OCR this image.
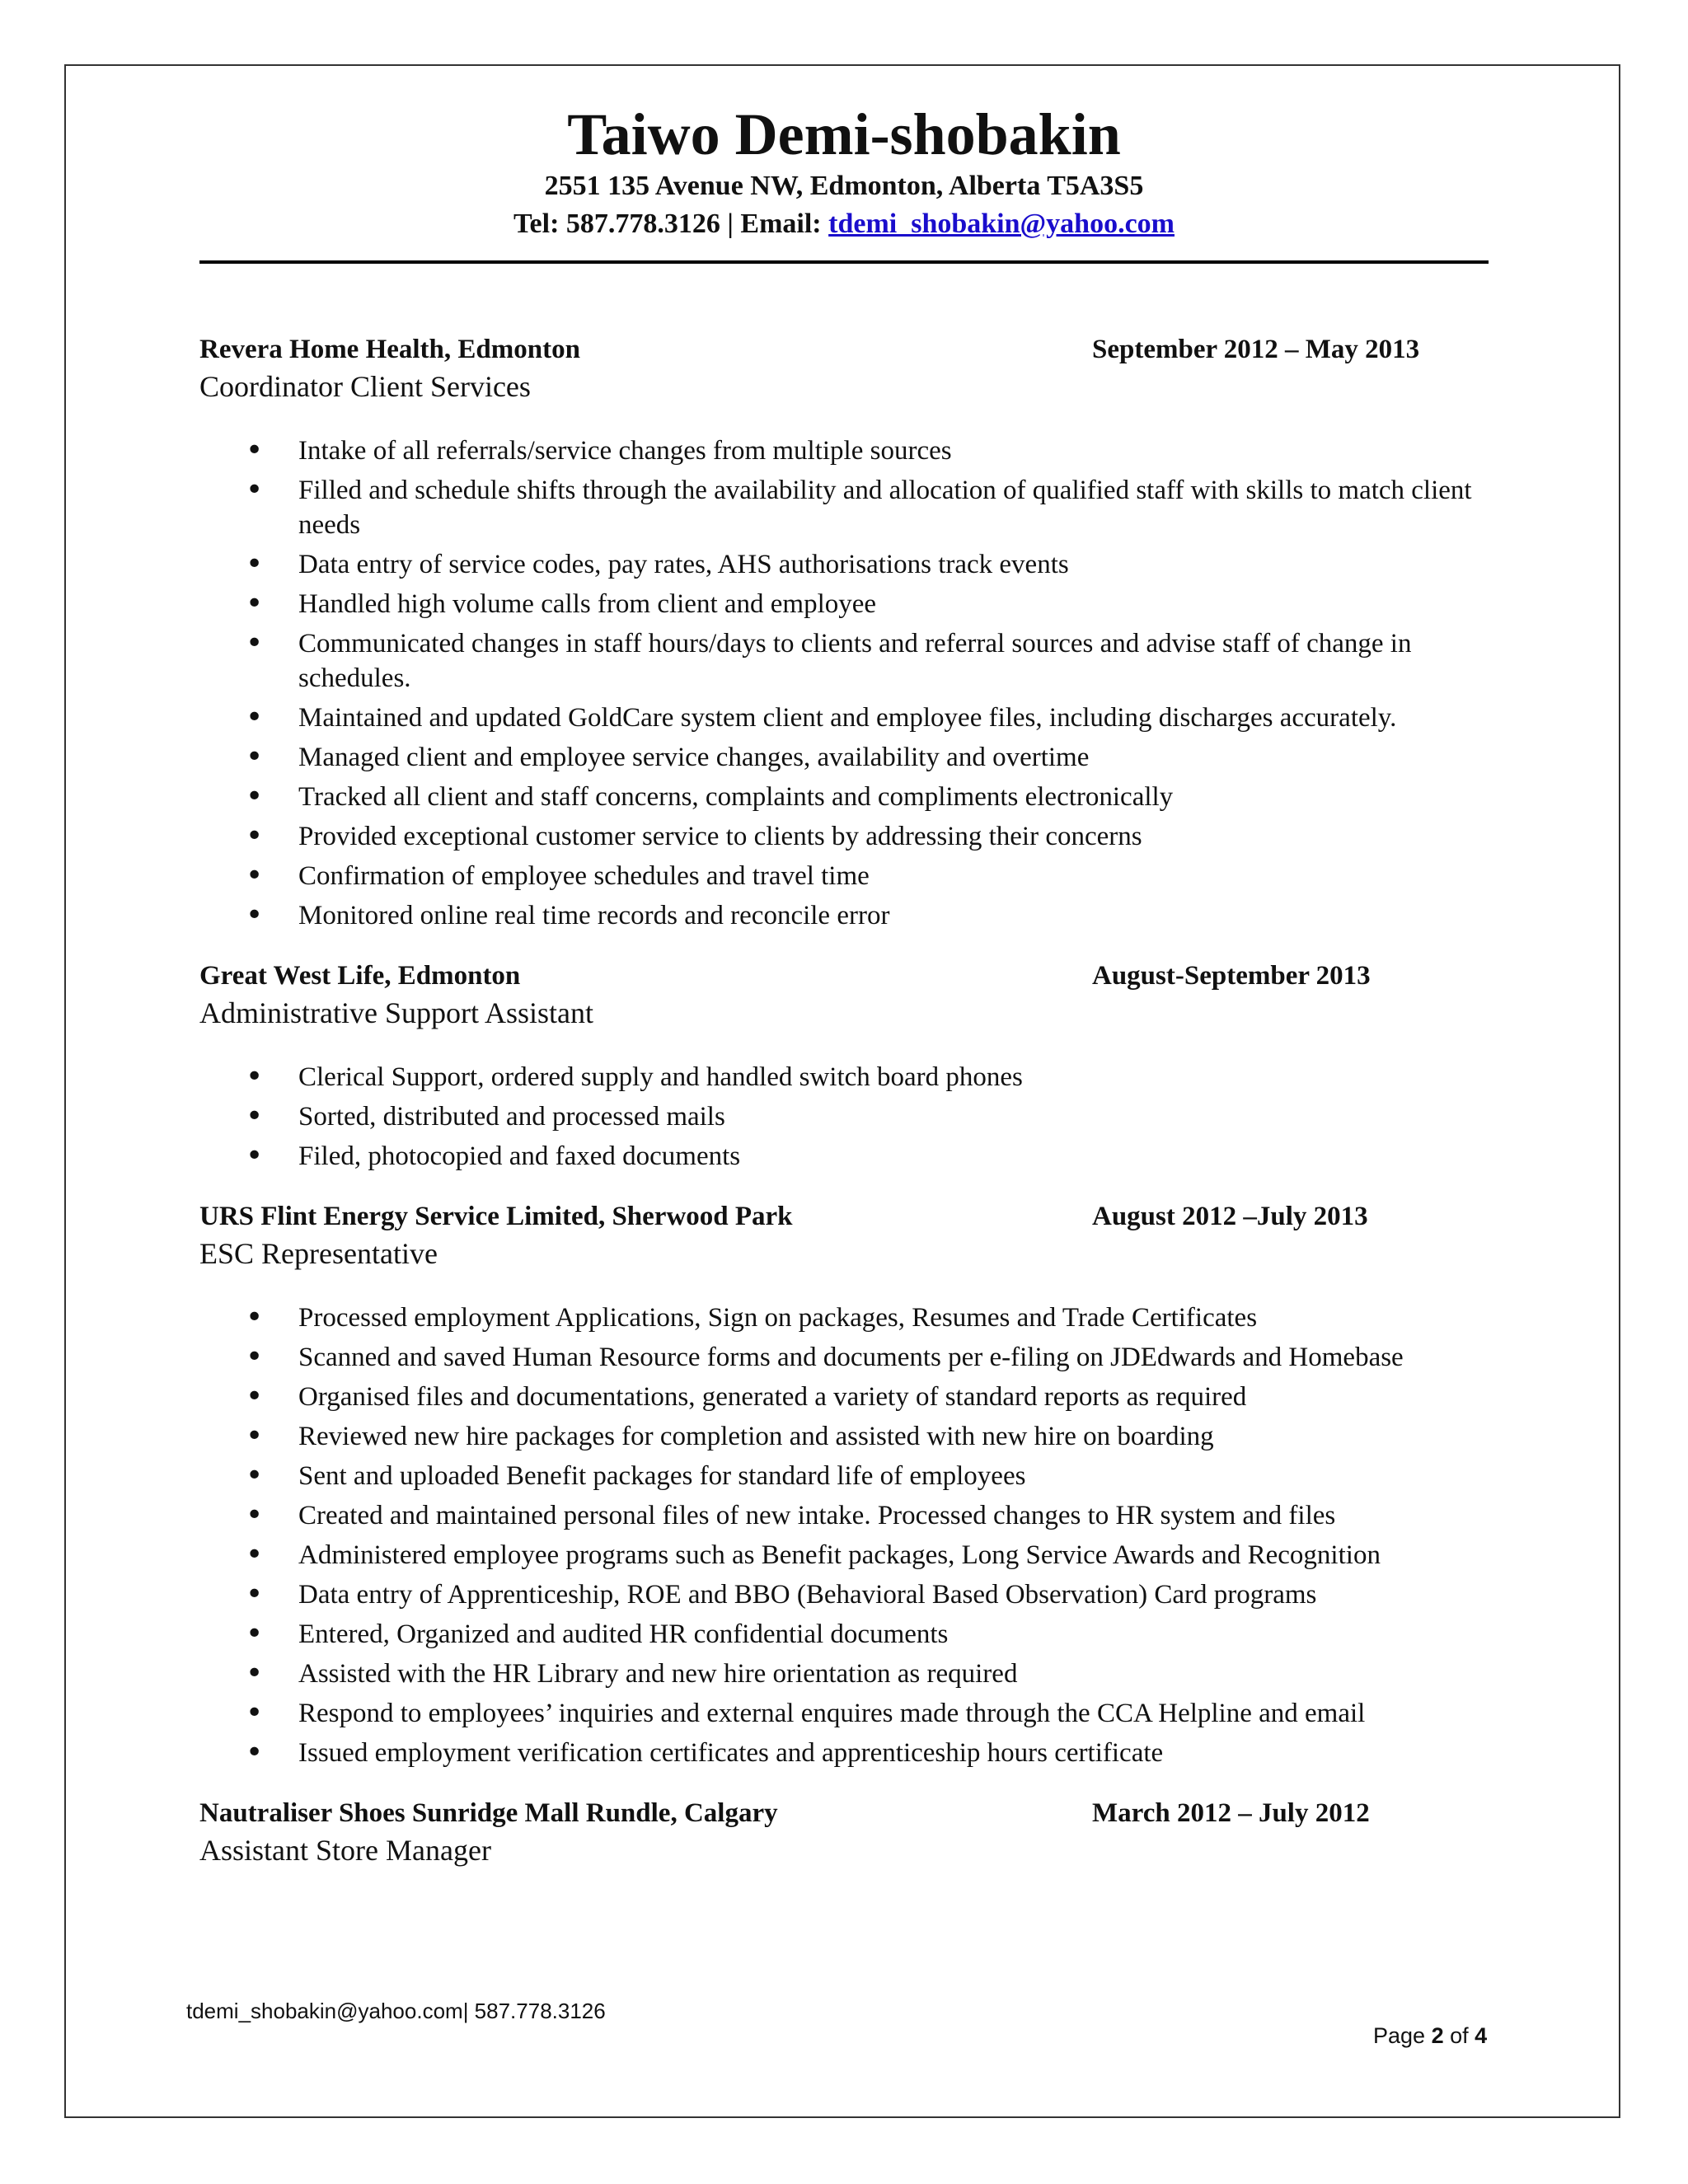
Taiwo Demi-shobakin
2551 135 Avenue NW, Edmonton, Alberta T5A3S5
Tel: 587.778.3126 | Email: tdemi_shobakin@yahoo.com
Revera Home Health, Edmonton	September 2012 – May 2013
Coordinator Client Services
• Intake of all referrals/service changes from multiple sources
• Filled and schedule shifts through the availability and allocation of qualified staff with skills to match client needs
• Data entry of service codes, pay rates, AHS authorisations track events
• Handled high volume calls from client and employee
• Communicated changes in staff hours/days to clients and referral sources and advise staff of change in schedules.
• Maintained and updated GoldCare system client and employee files, including discharges accurately.
• Managed client and employee service changes, availability and overtime
• Tracked all client and staff concerns, complaints and compliments electronically
• Provided exceptional customer service to clients by addressing their concerns
• Confirmation of employee schedules and travel time
• Monitored online real time records and reconcile error
Great West Life, Edmonton	August-September 2013
Administrative Support Assistant
• Clerical Support, ordered supply and handled switch board phones
• Sorted, distributed and processed mails
• Filed, photocopied and faxed documents
URS Flint Energy Service Limited, Sherwood Park	August 2012 –July 2013
ESC Representative
• Processed employment Applications, Sign on packages, Resumes and Trade Certificates
• Scanned and saved Human Resource forms and documents per e-filing on JDEdwards and Homebase
• Organised files and documentations, generated a variety of standard reports as required
• Reviewed new hire packages for completion and assisted with new hire on boarding
• Sent and uploaded Benefit packages for standard life of employees
• Created and maintained personal files of new intake. Processed changes to HR system and files
• Administered employee programs such as Benefit packages, Long Service Awards and Recognition
• Data entry of Apprenticeship, ROE and BBO (Behavioral Based Observation) Card programs
• Entered, Organized and audited HR confidential documents
• Assisted with the HR Library and new hire orientation as required
• Respond to employees’ inquiries and external enquires made through the CCA Helpline and email
• Issued employment verification certificates and apprenticeship hours certificate
Nautraliser Shoes Sunridge Mall Rundle, Calgary	March 2012 – July 2012
Assistant Store Manager
tdemi_shobakin@yahoo.com| 587.778.3126
Page 2 of 4
